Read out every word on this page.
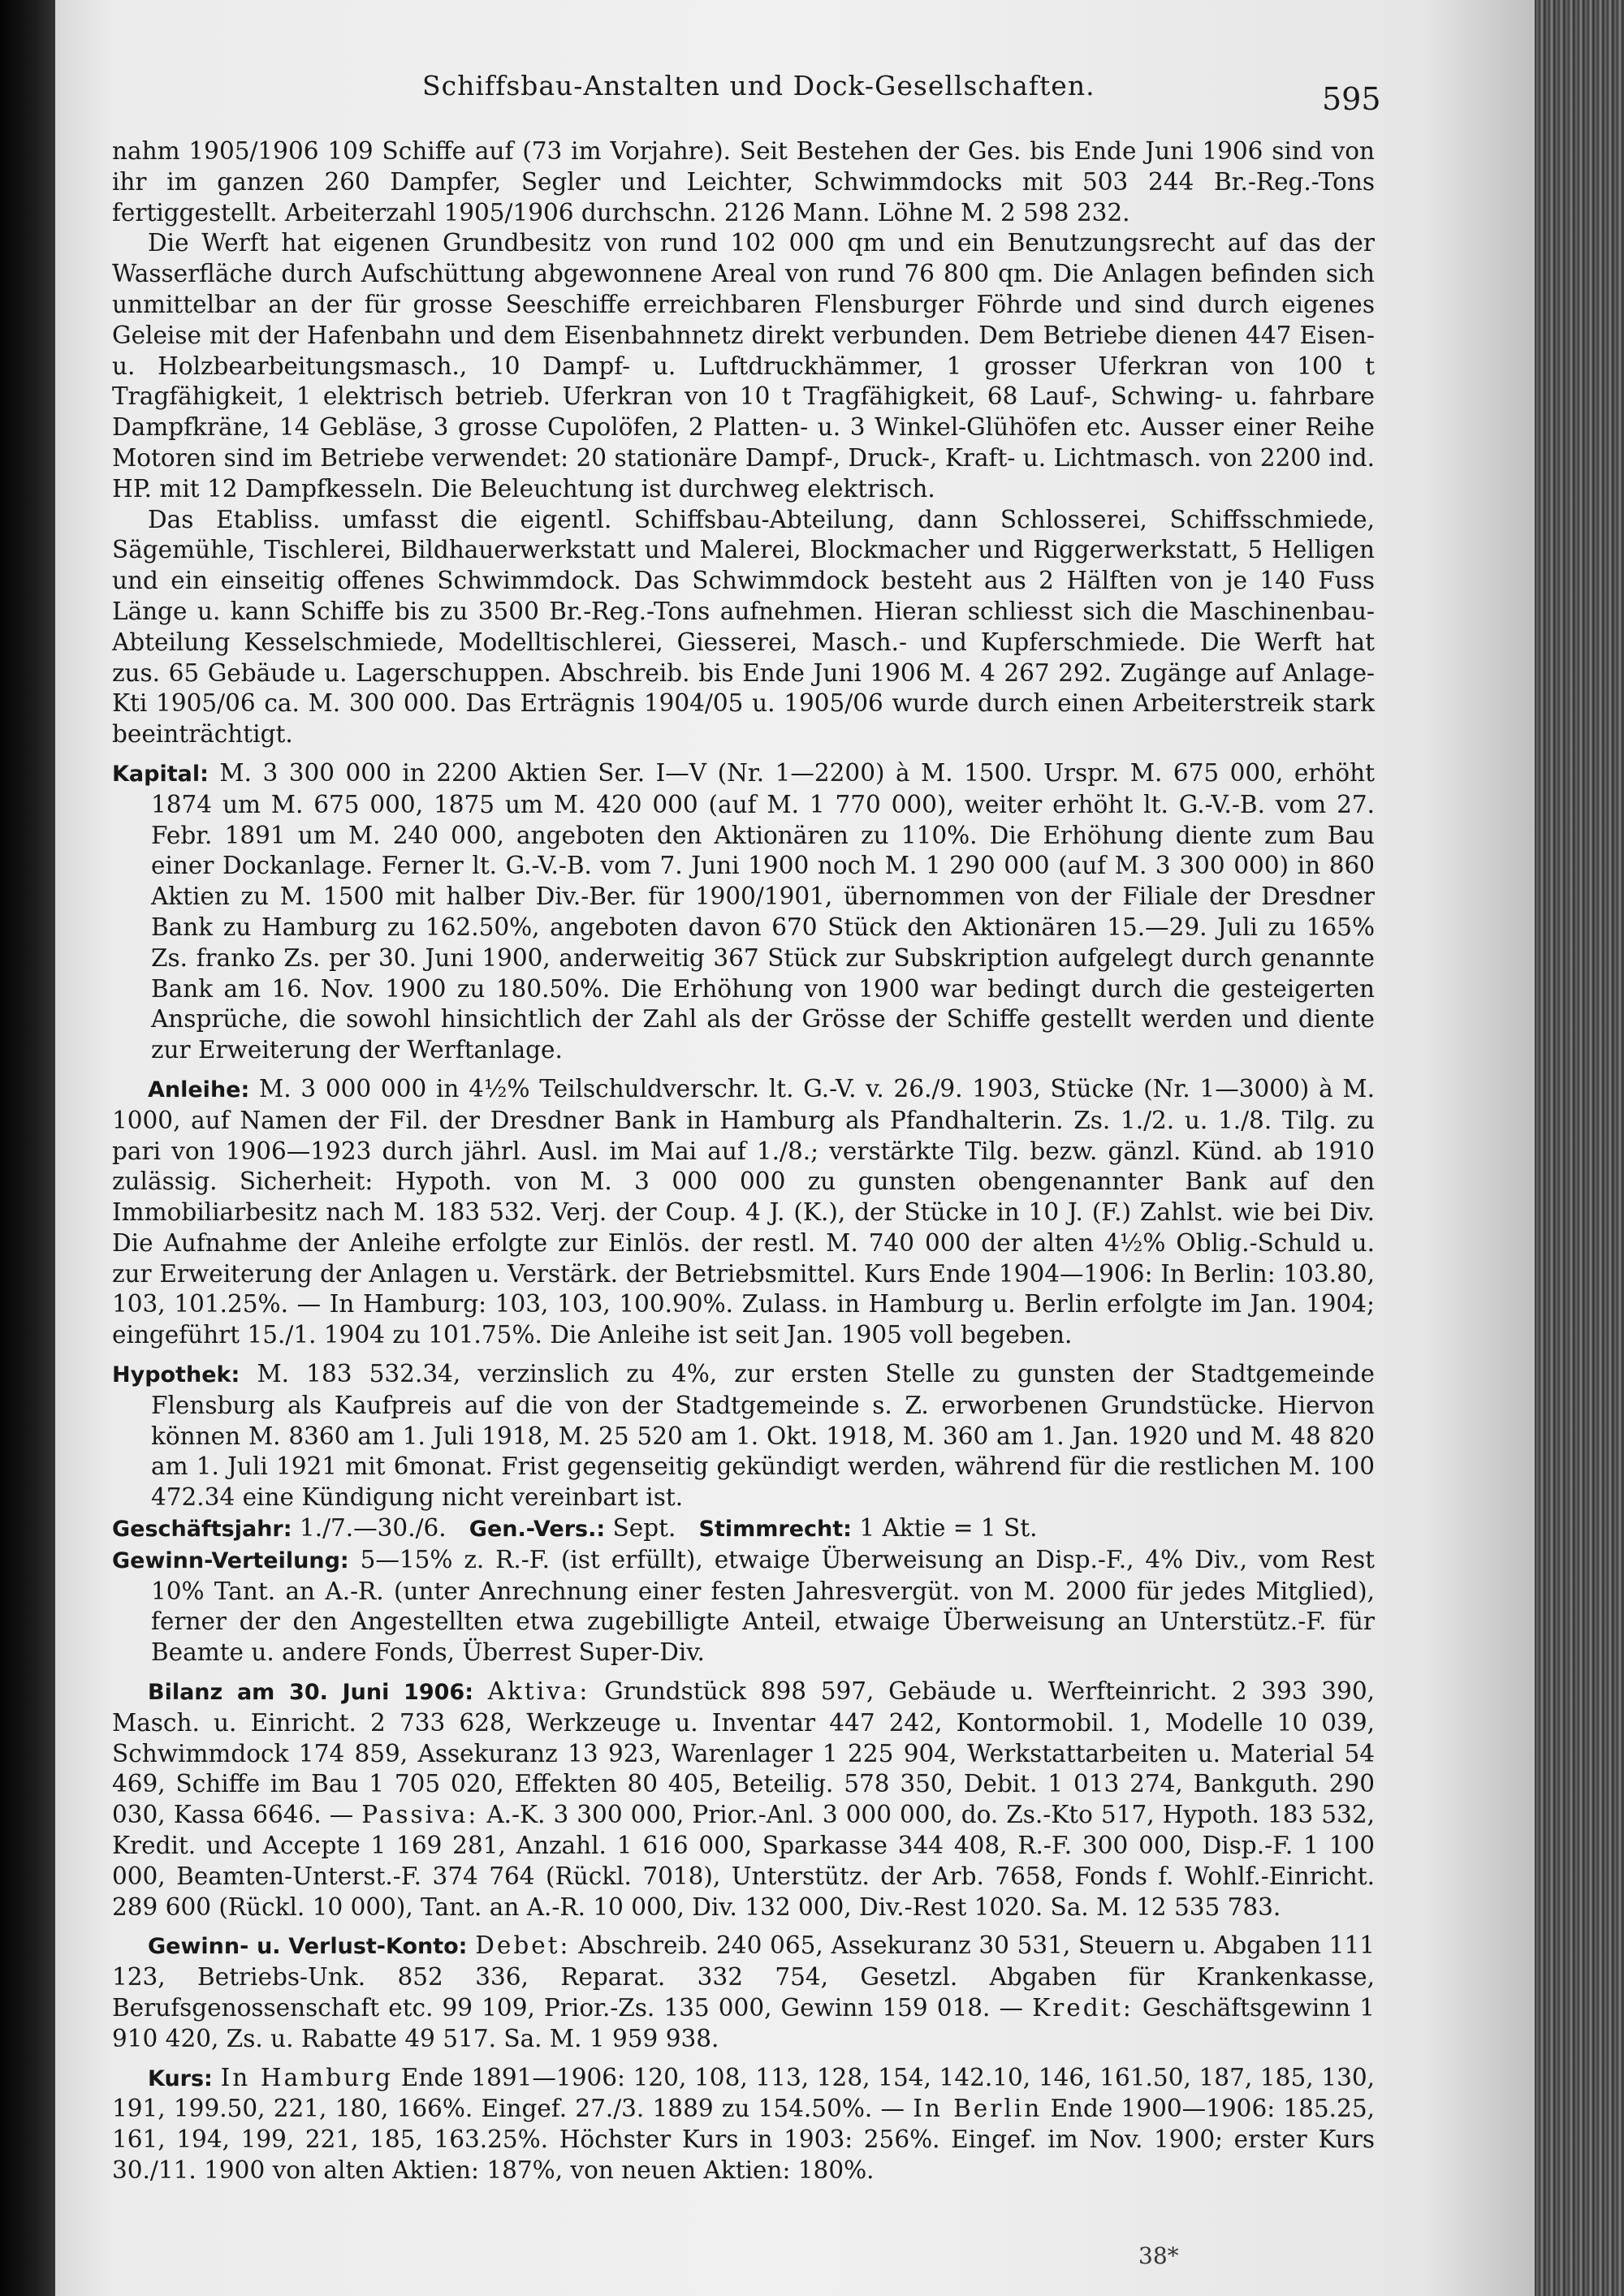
Schiffsbau-Anstalten und Dock-Gesellschaften.	595

nahm 1905/1906 109 Schiffe auf (73 im Vorjahre). Seit Bestehen der Ges. bis Ende Juni 1906 sind von ihr im ganzen 260 Dampfer, Segler und Leichter, Schwimmdocks mit 503 244 Br.-Reg.-Tons fertiggestellt. Arbeiterzahl 1905/1906 durchschn. 2126 Mann. Löhne M. 2 598 232.

Die Werft hat eigenen Grundbesitz von rund 102 000 qm und ein Benutzungsrecht auf das der Wasserfläche durch Aufschüttung abgewonnene Areal von rund 76 800 qm. Die Anlagen befinden sich unmittelbar an der für grosse Seeschiffe erreichbaren Flensburger Föhrde und sind durch eigenes Geleise mit der Hafenbahn und dem Eisenbahnnetz direkt verbunden. Dem Betriebe dienen 447 Eisen- u. Holzbearbeitungsmasch., 10 Dampf- u. Luftdruckhämmer, 1 grosser Uferkran von 100 t Tragfähigkeit, 1 elektrisch betrieb. Uferkran von 10 t Tragfähigkeit, 68 Lauf-, Schwing- u. fahrbare Dampfkräne, 14 Gebläse, 3 grosse Cupolöfen, 2 Platten- u. 3 Winkel-Glühöfen etc. Ausser einer Reihe Motoren sind im Betriebe verwendet: 20 stationäre Dampf-, Druck-, Kraft- u. Lichtmasch. von 2200 ind. HP. mit 12 Dampfkesseln. Die Beleuchtung ist durchweg elektrisch.

Das Etabliss. umfasst die eigentl. Schiffsbau-Abteilung, dann Schlosserei, Schiffsschmiede, Sägemühle, Tischlerei, Bildhauerwerkstatt und Malerei, Blockmacher und Riggerwerkstatt, 5 Helligen und ein einseitig offenes Schwimmdock. Das Schwimmdock besteht aus 2 Hälften von je 140 Fuss Länge u. kann Schiffe bis zu 3500 Br.-Reg.-Tons aufnehmen. Hieran schliesst sich die Maschinenbau-Abteilung Kesselschmiede, Modelltischlerei, Giesserei, Masch.- und Kupferschmiede. Die Werft hat zus. 65 Gebäude u. Lagerschuppen. Abschreib. bis Ende Juni 1906 M. 4 267 292. Zugänge auf Anlage-Kti 1905/06 ca. M. 300 000. Das Erträgnis 1904/05 u. 1905/06 wurde durch einen Arbeiterstreik stark beeinträchtigt.

Kapital: M. 3 300 000 in 2200 Aktien Ser. I—V (Nr. 1—2200) à M. 1500. Urspr. M. 675 000, erhöht 1874 um M. 675 000, 1875 um M. 420 000 (auf M. 1 770 000), weiter erhöht lt. G.-V.-B. vom 27. Febr. 1891 um M. 240 000, angeboten den Aktionären zu 110%. Die Erhöhung diente zum Bau einer Dockanlage. Ferner lt. G.-V.-B. vom 7. Juni 1900 noch M. 1 290 000 (auf M. 3 300 000) in 860 Aktien zu M. 1500 mit halber Div.-Ber. für 1900/1901, übernommen von der Filiale der Dresdner Bank zu Hamburg zu 162.50%, angeboten davon 670 Stück den Aktionären 15.—29. Juli zu 165% Zs. franko Zs. per 30. Juni 1900, anderweitig 367 Stück zur Subskription aufgelegt durch genannte Bank am 16. Nov. 1900 zu 180.50%. Die Erhöhung von 1900 war bedingt durch die gesteigerten Ansprüche, die sowohl hinsichtlich der Zahl als der Grösse der Schiffe gestellt werden und diente zur Erweiterung der Werftanlage.

Anleihe: M. 3 000 000 in 4½% Teilschuldverschr. lt. G.-V. v. 26./9. 1903, Stücke (Nr. 1—3000) à M. 1000, auf Namen der Fil. der Dresdner Bank in Hamburg als Pfandhalterin. Zs. 1./2. u. 1./8. Tilg. zu pari von 1906—1923 durch jährl. Ausl. im Mai auf 1./8.; verstärkte Tilg. bezw. gänzl. Künd. ab 1910 zulässig. Sicherheit: Hypoth. von M. 3 000 000 zu gunsten obengenannter Bank auf den Immobiliarbesitz nach M. 183 532. Verj. der Coup. 4 J. (K.), der Stücke in 10 J. (F.) Zahlst. wie bei Div. Die Aufnahme der Anleihe erfolgte zur Einlös. der restl. M. 740 000 der alten 4½% Oblig.-Schuld u. zur Erweiterung der Anlagen u. Verstärk. der Betriebsmittel. Kurs Ende 1904—1906: In Berlin: 103.80, 103, 101.25%. — In Hamburg: 103, 103, 100.90%. Zulass. in Hamburg u. Berlin erfolgte im Jan. 1904; eingeführt 15./1. 1904 zu 101.75%. Die Anleihe ist seit Jan. 1905 voll begeben.

Hypothek: M. 183 532.34, verzinslich zu 4%, zur ersten Stelle zu gunsten der Stadtgemeinde Flensburg als Kaufpreis auf die von der Stadtgemeinde s. Z. erworbenen Grundstücke. Hiervon können M. 8360 am 1. Juli 1918, M. 25 520 am 1. Okt. 1918, M. 360 am 1. Jan. 1920 und M. 48 820 am 1. Juli 1921 mit 6monat. Frist gegenseitig gekündigt werden, während für die restlichen M. 100 472.34 eine Kündigung nicht vereinbart ist.

Geschäftsjahr: 1./7.—30./6. Gen.-Vers.: Sept. Stimmrecht: 1 Aktie = 1 St.

Gewinn-Verteilung: 5—15% z. R.-F. (ist erfüllt), etwaige Überweisung an Disp.-F., 4% Div., vom Rest 10% Tant. an A.-R. (unter Anrechnung einer festen Jahresvergüt. von M. 2000 für jedes Mitglied), ferner der den Angestellten etwa zugebilligte Anteil, etwaige Überweisung an Unterstütz.-F. für Beamte u. andere Fonds, Überrest Super-Div.

Bilanz am 30. Juni 1906: Aktiva: Grundstück 898 597, Gebäude u. Werfteinricht. 2 393 390, Masch. u. Einricht. 2 733 628, Werkzeuge u. Inventar 447 242, Kontormobil. 1, Modelle 10 039, Schwimmdock 174 859, Assekuranz 13 923, Warenlager 1 225 904, Werkstattarbeiten u. Material 54 469, Schiffe im Bau 1 705 020, Effekten 80 405, Beteilig. 578 350, Debit. 1 013 274, Bankguth. 290 030, Kassa 6646. — Passiva: A.-K. 3 300 000, Prior.-Anl. 3 000 000, do. Zs.-Kto 517, Hypoth. 183 532, Kredit. und Accepte 1 169 281, Anzahl. 1 616 000, Sparkasse 344 408, R.-F. 300 000, Disp.-F. 1 100 000, Beamten-Unterst.-F. 374 764 (Rückl. 7018), Unterstütz. der Arb. 7658, Fonds f. Wohlf.-Einricht. 289 600 (Rückl. 10 000), Tant. an A.-R. 10 000, Div. 132 000, Div.-Rest 1020. Sa. M. 12 535 783.

Gewinn- u. Verlust-Konto: Debet: Abschreib. 240 065, Assekuranz 30 531, Steuern u. Abgaben 111 123, Betriebs-Unk. 852 336, Reparat. 332 754, Gesetzl. Abgaben für Krankenkasse, Berufsgenossenschaft etc. 99 109, Prior.-Zs. 135 000, Gewinn 159 018. — Kredit: Geschäftsgewinn 1 910 420, Zs. u. Rabatte 49 517. Sa. M. 1 959 938.

Kurs: In Hamburg Ende 1891—1906: 120, 108, 113, 128, 154, 142.10, 146, 161.50, 187, 185, 130, 191, 199.50, 221, 180, 166%. Eingef. 27./3. 1889 zu 154.50%. — In Berlin Ende 1900—1906: 185.25, 161, 194, 199, 221, 185, 163.25%. Höchster Kurs in 1903: 256%. Eingef. im Nov. 1900; erster Kurs 30./11. 1900 von alten Aktien: 187%, von neuen Aktien: 180%.

38*
